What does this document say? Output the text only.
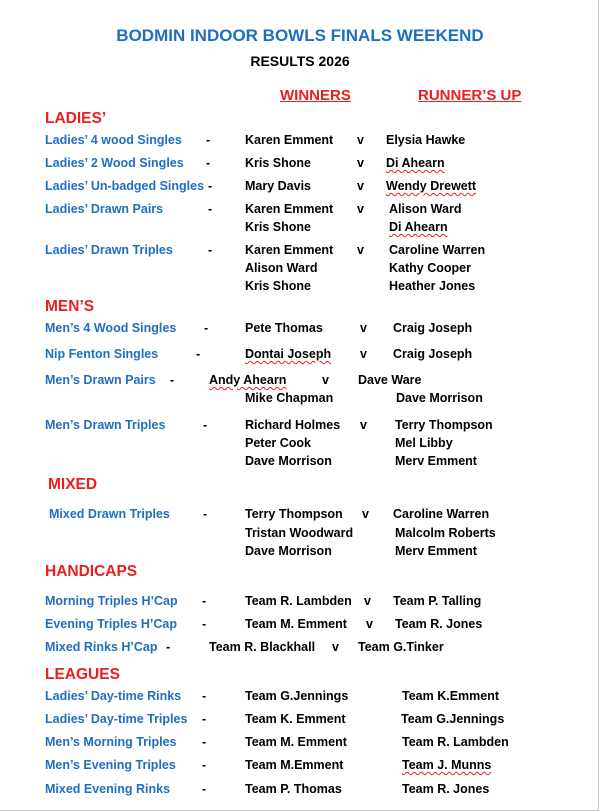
BODMIN INDOOR BOWLS FINALS WEEKEND
RESULTS 2026
WINNERS	RUNNER’S UP
LADIES’
Ladies’ 4 wood Singles -	Karen Emment v Elysia Hawke
Ladies’ 2 Wood Singles -	Kris Shone	v Di Ahearn
Ladies’ Un-badged Singles -	Mary Davis	v Wendy Drewett
Ladies’ Drawn Pairs	-	Karen Emment v Alison Ward
Kris Shone	Di Ahearn
Ladies’ Drawn Triples	-	Karen Emment v Caroline Warren
Alison Ward	Kathy Cooper
Kris Shone	Heather Jones
MEN’S
Men’s 4 Wood Singles -	Pete Thomas	v Craig Joseph
Nip Fenton Singles	-	Dontai Joseph v Craig Joseph
Men’s Drawn Pairs -	Andy Ahearn	v Dave Ware
Mike Chapman	Dave Morrison
Men’s Drawn Triples	-	Richard Holmes v Terry Thompson
Peter Cook	Mel Libby
Dave Morrison	Merv Emment
MIXED
Mixed Drawn Triples	-	Terry Thompson v Caroline Warren
Tristan Woodward	Malcolm Roberts
Dave Morrison	Merv Emment
HANDICAPS
Morning Triples H’Cap -	Team R. Lambden v Team P. Talling
Evening Triples H’Cap -	Team M. Emment v Team R. Jones
Mixed Rinks H’Cap -	Team R. Blackhall v Team G.Tinker
LEAGUES
Ladies’ Day-time Rinks -	Team G.Jennings	Team K.Emment
Ladies’ Day-time Triples -	Team K. Emment	Team G.Jennings
Men’s Morning Triples -	Team M. Emment	Team R. Lambden
Men’s Evening Triples -	Team M.Emment	Team J. Munns
Mixed Evening Rinks	-	Team P. Thomas	Team R. Jones
